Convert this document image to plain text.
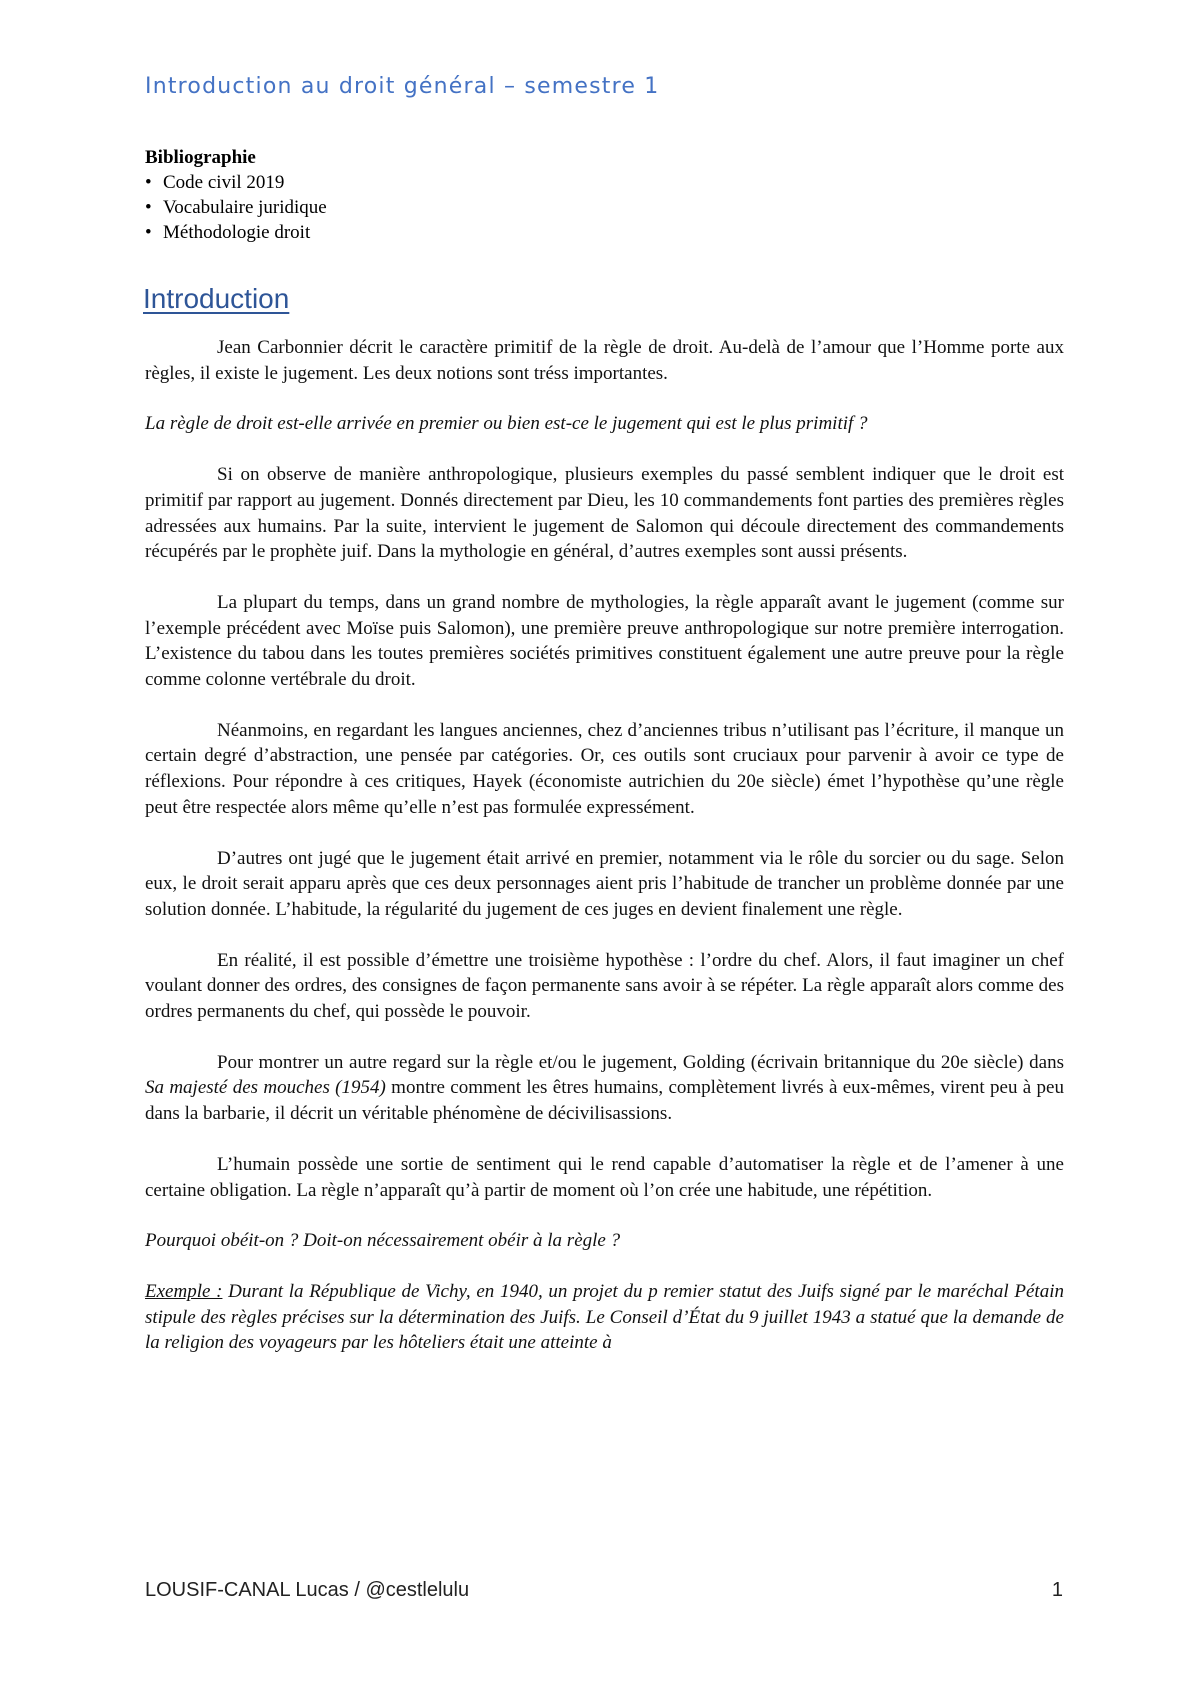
Introduction au droit général – semestre 1
Bibliographie
• Code civil 2019
• Vocabulaire juridique
• Méthodologie droit
Introduction

Jean Carbonnier décrit le caractère primitif de la règle de droit. Au-delà de l’amour que l’Homme porte aux règles, il existe le jugement. Les deux notions sont tréss importantes.

La règle de droit est-elle arrivée en premier ou bien est-ce le jugement qui est le plus primitif ?

Si on observe de manière anthropologique, plusieurs exemples du passé semblent indiquer que le droit est primitif par rapport au jugement. Donnés directement par Dieu, les 10 commandements font parties des premières règles adressées aux humains. Par la suite, intervient le jugement de Salomon qui découle directement des commandements récupérés par le prophète juif. Dans la mythologie en général, d’autres exemples sont aussi présents.

La plupart du temps, dans un grand nombre de mythologies, la règle apparaît avant le jugement (comme sur l’exemple précédent avec Moïse puis Salomon), une première preuve anthropologique sur notre première interrogation. L’existence du tabou dans les toutes premières sociétés primitives constituent également une autre preuve pour la règle comme colonne vertébrale du droit.

Néanmoins, en regardant les langues anciennes, chez d’anciennes tribus n’utilisant pas l’écriture, il manque un certain degré d’abstraction, une pensée par catégories. Or, ces outils sont cruciaux pour parvenir à avoir ce type de réflexions. Pour répondre à ces critiques, Hayek (économiste autrichien du 20e siècle) émet l’hypothèse qu’une règle peut être respectée alors même qu’elle n’est pas formulée expressément.

D’autres ont jugé que le jugement était arrivé en premier, notamment via le rôle du sorcier ou du sage. Selon eux, le droit serait apparu après que ces deux personnages aient pris l’habitude de trancher un problème donnée par une solution donnée. L’habitude, la régularité du jugement de ces juges en devient finalement une règle.

En réalité, il est possible d’émettre une troisième hypothèse : l’ordre du chef. Alors, il faut imaginer un chef voulant donner des ordres, des consignes de façon permanente sans avoir à se répéter. La règle apparaît alors comme des ordres permanents du chef, qui possède le pouvoir.

Pour montrer un autre regard sur la règle et/ou le jugement, Golding (écrivain britannique du 20e siècle) dans Sa majesté des mouches (1954) montre comment les êtres humains, complètement livrés à eux-mêmes, virent peu à peu dans la barbarie, il décrit un véritable phénomène de décivilisassions.

L’humain possède une sortie de sentiment qui le rend capable d’automatiser la règle et de l’amener à une certaine obligation. La règle n’apparaît qu’à partir de moment où l’on crée une habitude, une répétition.

Pourquoi obéit-on ? Doit-on nécessairement obéir à la règle ?

Exemple : Durant la République de Vichy, en 1940, un projet du p remier statut des Juifs signé par le maréchal Pétain stipule des règles précises sur la détermination des Juifs. Le Conseil d’État du 9 juillet 1943 a statué que la demande de la religion des voyageurs par les hôteliers était une atteinte à

LOUSIF-CANAL Lucas / @cestlelulu	1
